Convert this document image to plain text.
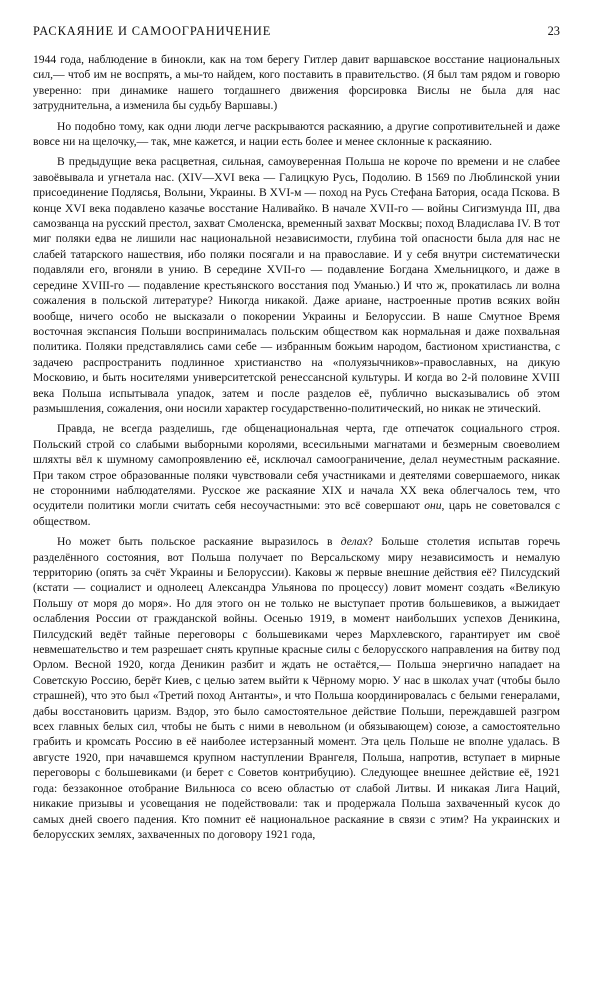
РАСКАЯНИЕ И САМООГРАНИЧЕНИЕ	23

1944 года, наблюдение в бинокли, как на том берегу Гитлер давит варшавское восстание национальных сил,— чтоб им не воспрять, а мы-то найдем, кого поставить в правительство. (Я был там рядом и говорю уверенно: при динамике нашего тогдашнего движения форсировка Вислы не была для нас затруднительна, а изменила бы судьбу Варшавы.)

Но подобно тому, как одни люди легче раскрываются раскаянию, а другие сопротивительней и даже вовсе ни на щелочку,— так, мне кажется, и нации есть более и менее склонные к раскаянию.

В предыдущие века расцветная, сильная, самоуверенная Польша не короче по времени и не слабее завоёвывала и угнетала нас. (XIV—XVI века — Галицкую Русь, Подолию. В 1569 по Люблинской унии присоединение Подлясья, Волыни, Украины. В XVI-м — поход на Русь Стефана Батория, осада Пскова. В конце XVI века подавлено казачье восстание Наливайко. В начале XVII-го — войны Сигизмунда III, два самозванца на русский престол, захват Смоленска, временный захват Москвы; поход Владислава IV. В тот миг поляки едва не лишили нас национальной независимости, глубина той опасности была для нас не слабей татарского нашествия, ибо поляки посягали и на православие. И у себя внутри систематически подавляли его, вгоняли в унию. В середине XVII-го — подавление Богдана Хмельницкого, и даже в середине XVIII-го — подавление крестьянского восстания под Уманью.) И что ж, прокатилась ли волна сожаления в польской литературе? Никогда никакой. Даже ариане, настроенные против всяких войн вообще, ничего особо не высказали о покорении Украины и Белоруссии. В наше Смутное Время восточная экспансия Польши воспринималась польским обществом как нормальная и даже похвальная политика. Поляки представлялись сами себе — избранным божьим народом, бастионом христианства, с задачею распространить подлинное христианство на «полуязычников»-православных, на дикую Московию, и быть носителями университетской ренессансной культуры. И когда во 2-й половине XVIII века Польша испытывала упадок, затем и после разделов её, публично высказывались об этом размышления, сожаления, они носили характер государственно-политический, но никак не этический.

Правда, не всегда разделишь, где общенациональная черта, где отпечаток социального строя. Польский строй со слабыми выборными королями, всесильными магнатами и безмерным своеволием шляхты вёл к шумному самопроявлению её, исключал самоограничение, делал неуместным раскаяние. При таком строе образованные поляки чувствовали себя участниками и деятелями совершаемого, никак не сторонними наблюдателями. Русское же раскаяние XIX и начала XX века облегчалось тем, что осудители политики могли считать себя несоучастными: это всё совершают они, царь не советовался с обществом.

Но может быть польское раскаяние выразилось в делах? Больше столетия испытав горечь разделённого состояния, вот Польша получает по Версальскому миру независимость и немалую территорию (опять за счёт Украины и Белоруссии). Каковы ж первые внешние действия её? Пилсудский (кстати — социалист и однолеец Александра Ульянова по процессу) ловит момент создать «Великую Польшу от моря до моря». Но для этого он не только не выступает против большевиков, а выжидает ослабления России от гражданской войны. Осенью 1919, в момент наибольших успехов Деникина, Пилсудский ведёт тайные переговоры с большевиками через Мархлевского, гарантирует им своё невмешательство и тем разрешает снять крупные красные силы с белорусского направления на битву под Орлом. Весной 1920, когда Деникин разбит и ждать не остаётся,— Польша энергично нападает на Советскую Россию, берёт Киев, с целью затем выйти к Чёрному морю. У нас в школах учат (чтобы было страшней), что это был «Третий поход Антанты», и что Польша координировалась с белыми генералами, дабы восстановить царизм. Вздор, это было самостоятельное действие Польши, переждавшей разгром всех главных белых сил, чтобы не быть с ними в невольном (и обязывающем) союзе, а самостоятельно грабить и кромсать Россию в её наиболее истерзанный момент. Эта цель Польше не вполне удалась. В августе 1920, при начавшемся крупном наступлении Врангеля, Польша, напротив, вступает в мирные переговоры с большевиками (и берет с Советов контрибуцию). Следующее внешнее действие её, 1921 года: беззаконное отобрание Вильнюса со всею областью от слабой Литвы. И никакая Лига Наций, никакие призывы и усовещания не подействовали: так и продержала Польша захваченный кусок до самых дней своего падения. Кто помнит её национальное раскаяние в связи с этим? На украинских и белорусских землях, захваченных по договору 1921 года,
